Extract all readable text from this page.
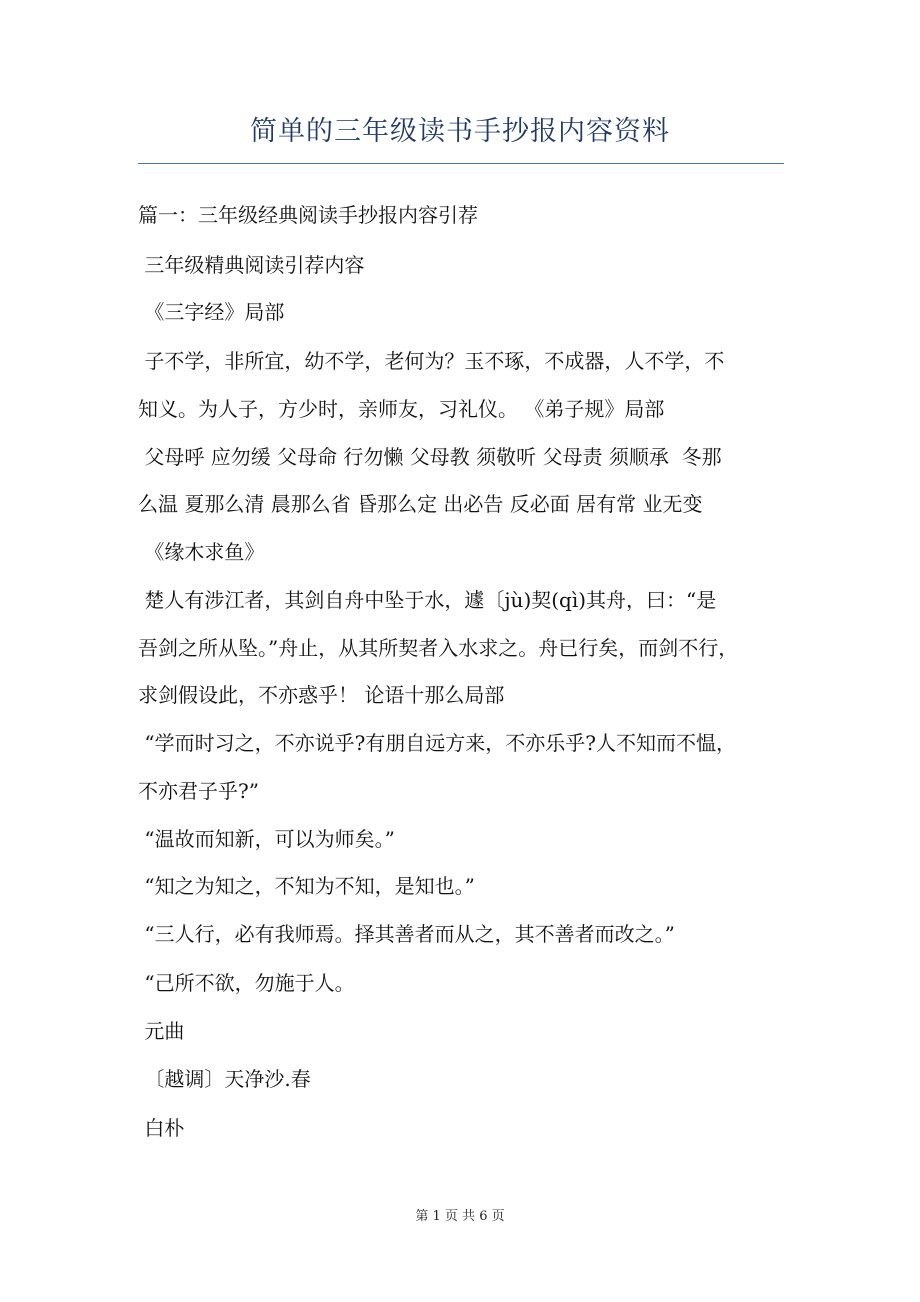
简单的三年级读书手抄报内容资料
篇一：三年级经典阅读手抄报内容引荐
三年级精典阅读引荐内容
《三字经》局部
子不学，非所宜，幼不学，老何为？玉不琢，不成器，人不学，不
知义。为人子，方少时，亲师友，习礼仪。 《弟子规》局部
父母呼 应勿缓 父母命 行勿懒 父母教 须敬听 父母责 须顺承  冬那
么温 夏那么清 晨那么省 昏那么定 出必告 反必面 居有常 业无变
《缘木求鱼》
楚人有涉江者，其剑自舟中坠于水，遽〔jù)契(qì)其舟，曰：“是
吾剑之所从坠。”舟止，从其所契者入水求之。舟已行矣，而剑不行，
求剑假设此，不亦惑乎！ 论语十那么局部
“学而时习之，不亦说乎?有朋自远方来，不亦乐乎?人不知而不愠，
不亦君子乎?”
“温故而知新，可以为师矣。”
“知之为知之，不知为不知，是知也。”
“三人行，必有我师焉。择其善者而从之，其不善者而改之。”
“己所不欲，勿施于人。
元曲
〔越调〕天净沙.春
白朴
第 1 页 共 6 页
